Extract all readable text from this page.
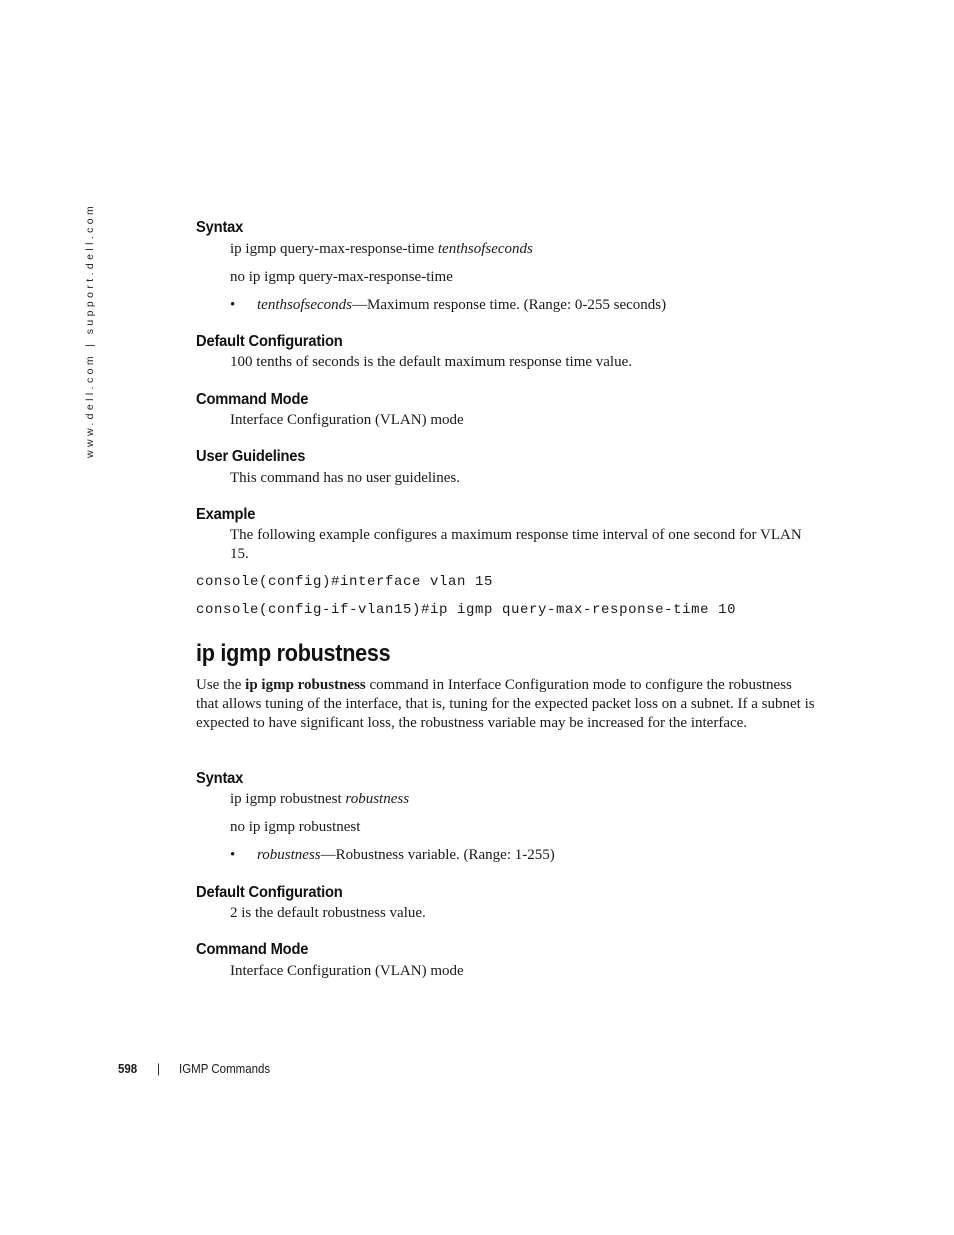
www.dell.com | support.dell.com	Syntax
ip igmp query-max-response-time tenthsofseconds
no ip igmp query-max-response-time
• tenthsofseconds—Maximum response time. (Range: 0-255 seconds)
Default Configuration
100 tenths of seconds is the default maximum response time value.
Command Mode
Interface Configuration (VLAN) mode
User Guidelines
This command has no user guidelines.
Example
The following example configures a maximum response time interval of one second for VLAN 15.
console(config)#interface vlan 15
console(config-if-vlan15)#ip igmp query-max-response-time 10
ip igmp robustness
Use the ip igmp robustness command in Interface Configuration mode to configure the robustness that allows tuning of the interface, that is, tuning for the expected packet loss on a subnet. If a subnet is expected to have significant loss, the robustness variable may be increased for the interface.
Syntax
ip igmp robustnest robustness
no ip igmp robustnest
• robustness—Robustness variable. (Range: 1-255)
Default Configuration
2 is the default robustness value.
Command Mode
Interface Configuration (VLAN) mode
598 | IGMP Commands
